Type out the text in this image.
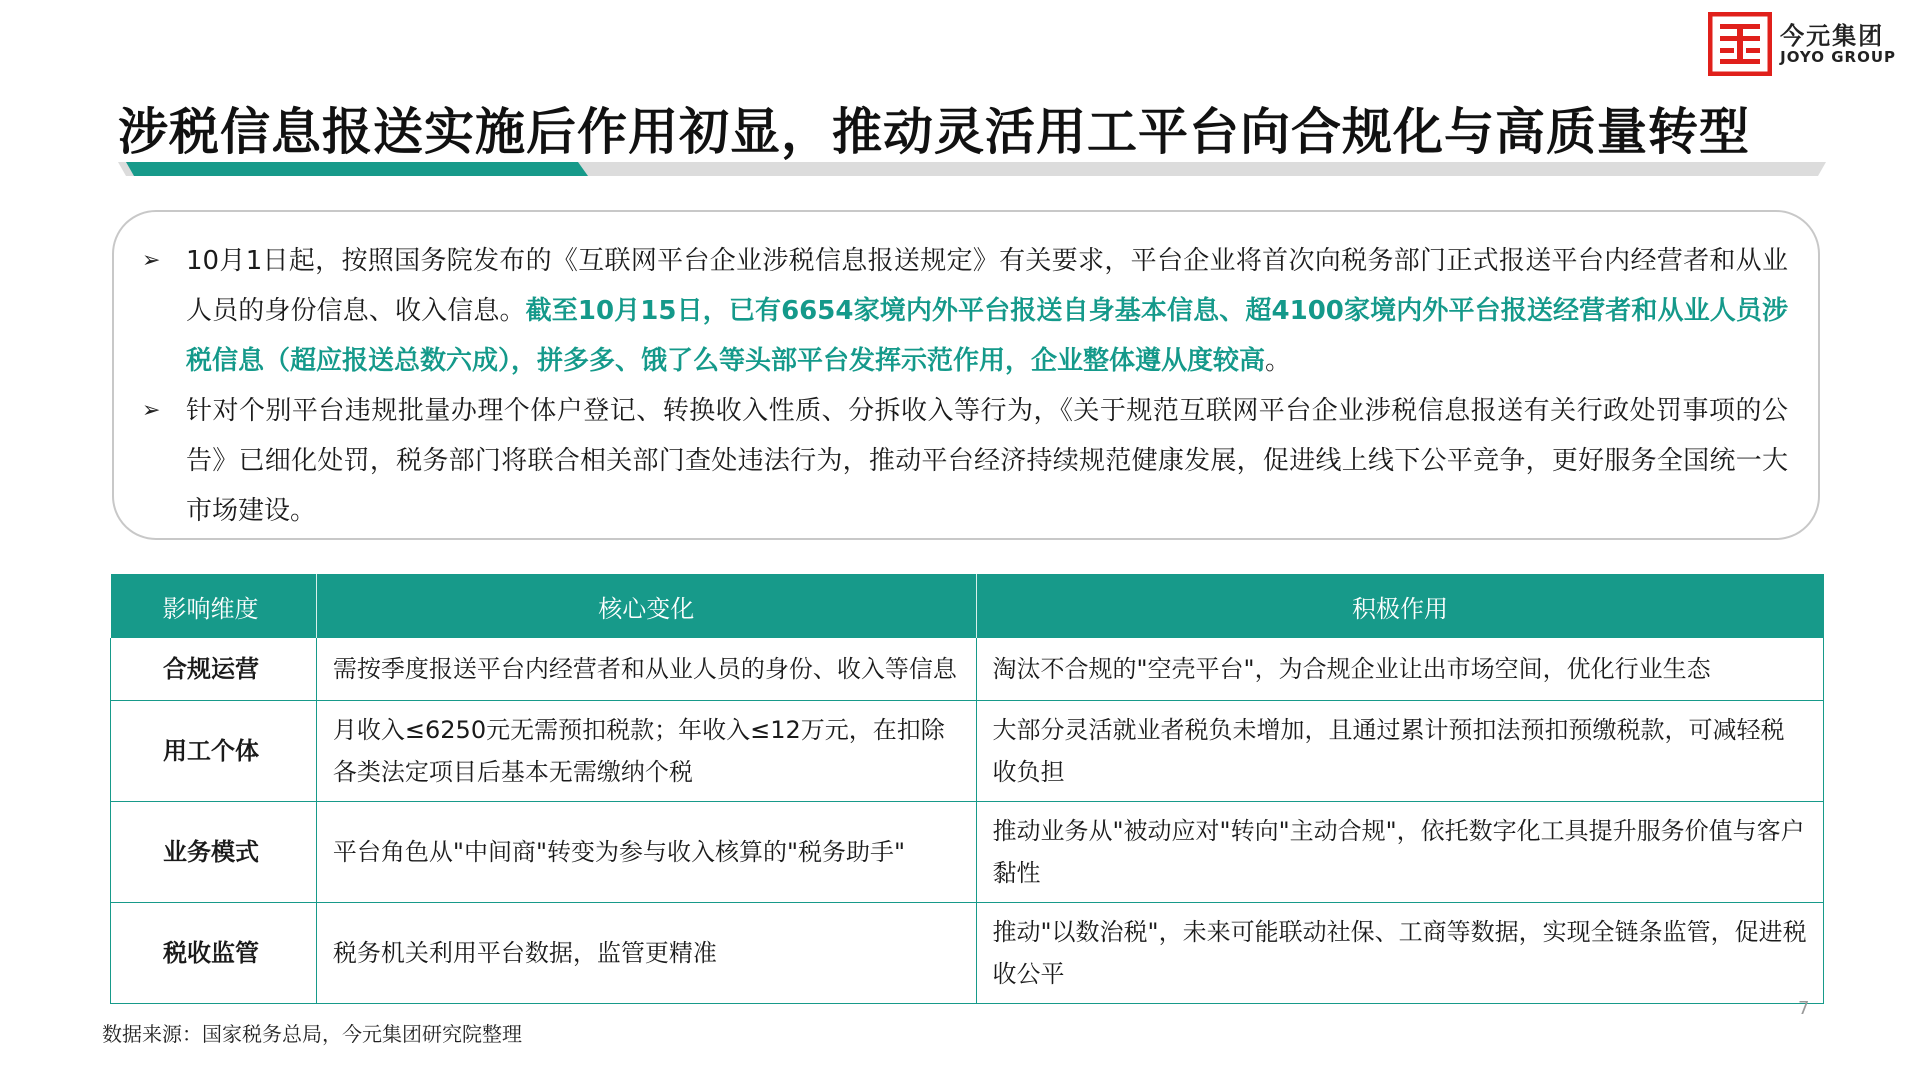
今元集团
JOYO GROUP
涉税信息报送实施后作用初显，推动灵活用工平台向合规化与高质量转型
➢ 10月1日起，按照国务院发布的《互联网平台企业涉税信息报送规定》有关要求，平台企业将首次向税务部门正式报送平台内经营者和从业人员的身份信息、收入信息。截至10月15日，已有6654家境内外平台报送自身基本信息、超4100家境内外平台报送经营者和从业人员涉税信息（超应报送总数六成），拼多多、饿了么等头部平台发挥示范作用，企业整体遵从度较高。
➢ 针对个别平台违规批量办理个体户登记、转换收入性质、分拆收入等行为，《关于规范互联网平台企业涉税信息报送有关行政处罚事项的公告》已细化处罚，税务部门将联合相关部门查处违法行为，推动平台经济持续规范健康发展，促进线上线下公平竞争，更好服务全国统一大市场建设。
影响维度	核心变化	积极作用
合规运营	需按季度报送平台内经营者和从业人员的身份、收入等信息	淘汰不合规的"空壳平台"，为合规企业让出市场空间，优化行业生态
用工个体	月收入≤6250元无需预扣税款；年收入≤12万元，在扣除各类法定项目后基本无需缴纳个税	大部分灵活就业者税负未增加，且通过累计预扣法预扣预缴税款，可减轻税收负担
业务模式	平台角色从"中间商"转变为参与收入核算的"税务助手"	推动业务从"被动应对"转向"主动合规"，依托数字化工具提升服务价值与客户黏性
税收监管	税务机关利用平台数据，监管更精准	推动"以数治税"，未来可能联动社保、工商等数据，实现全链条监管，促进税收公平
7
数据来源：国家税务总局，今元集团研究院整理
